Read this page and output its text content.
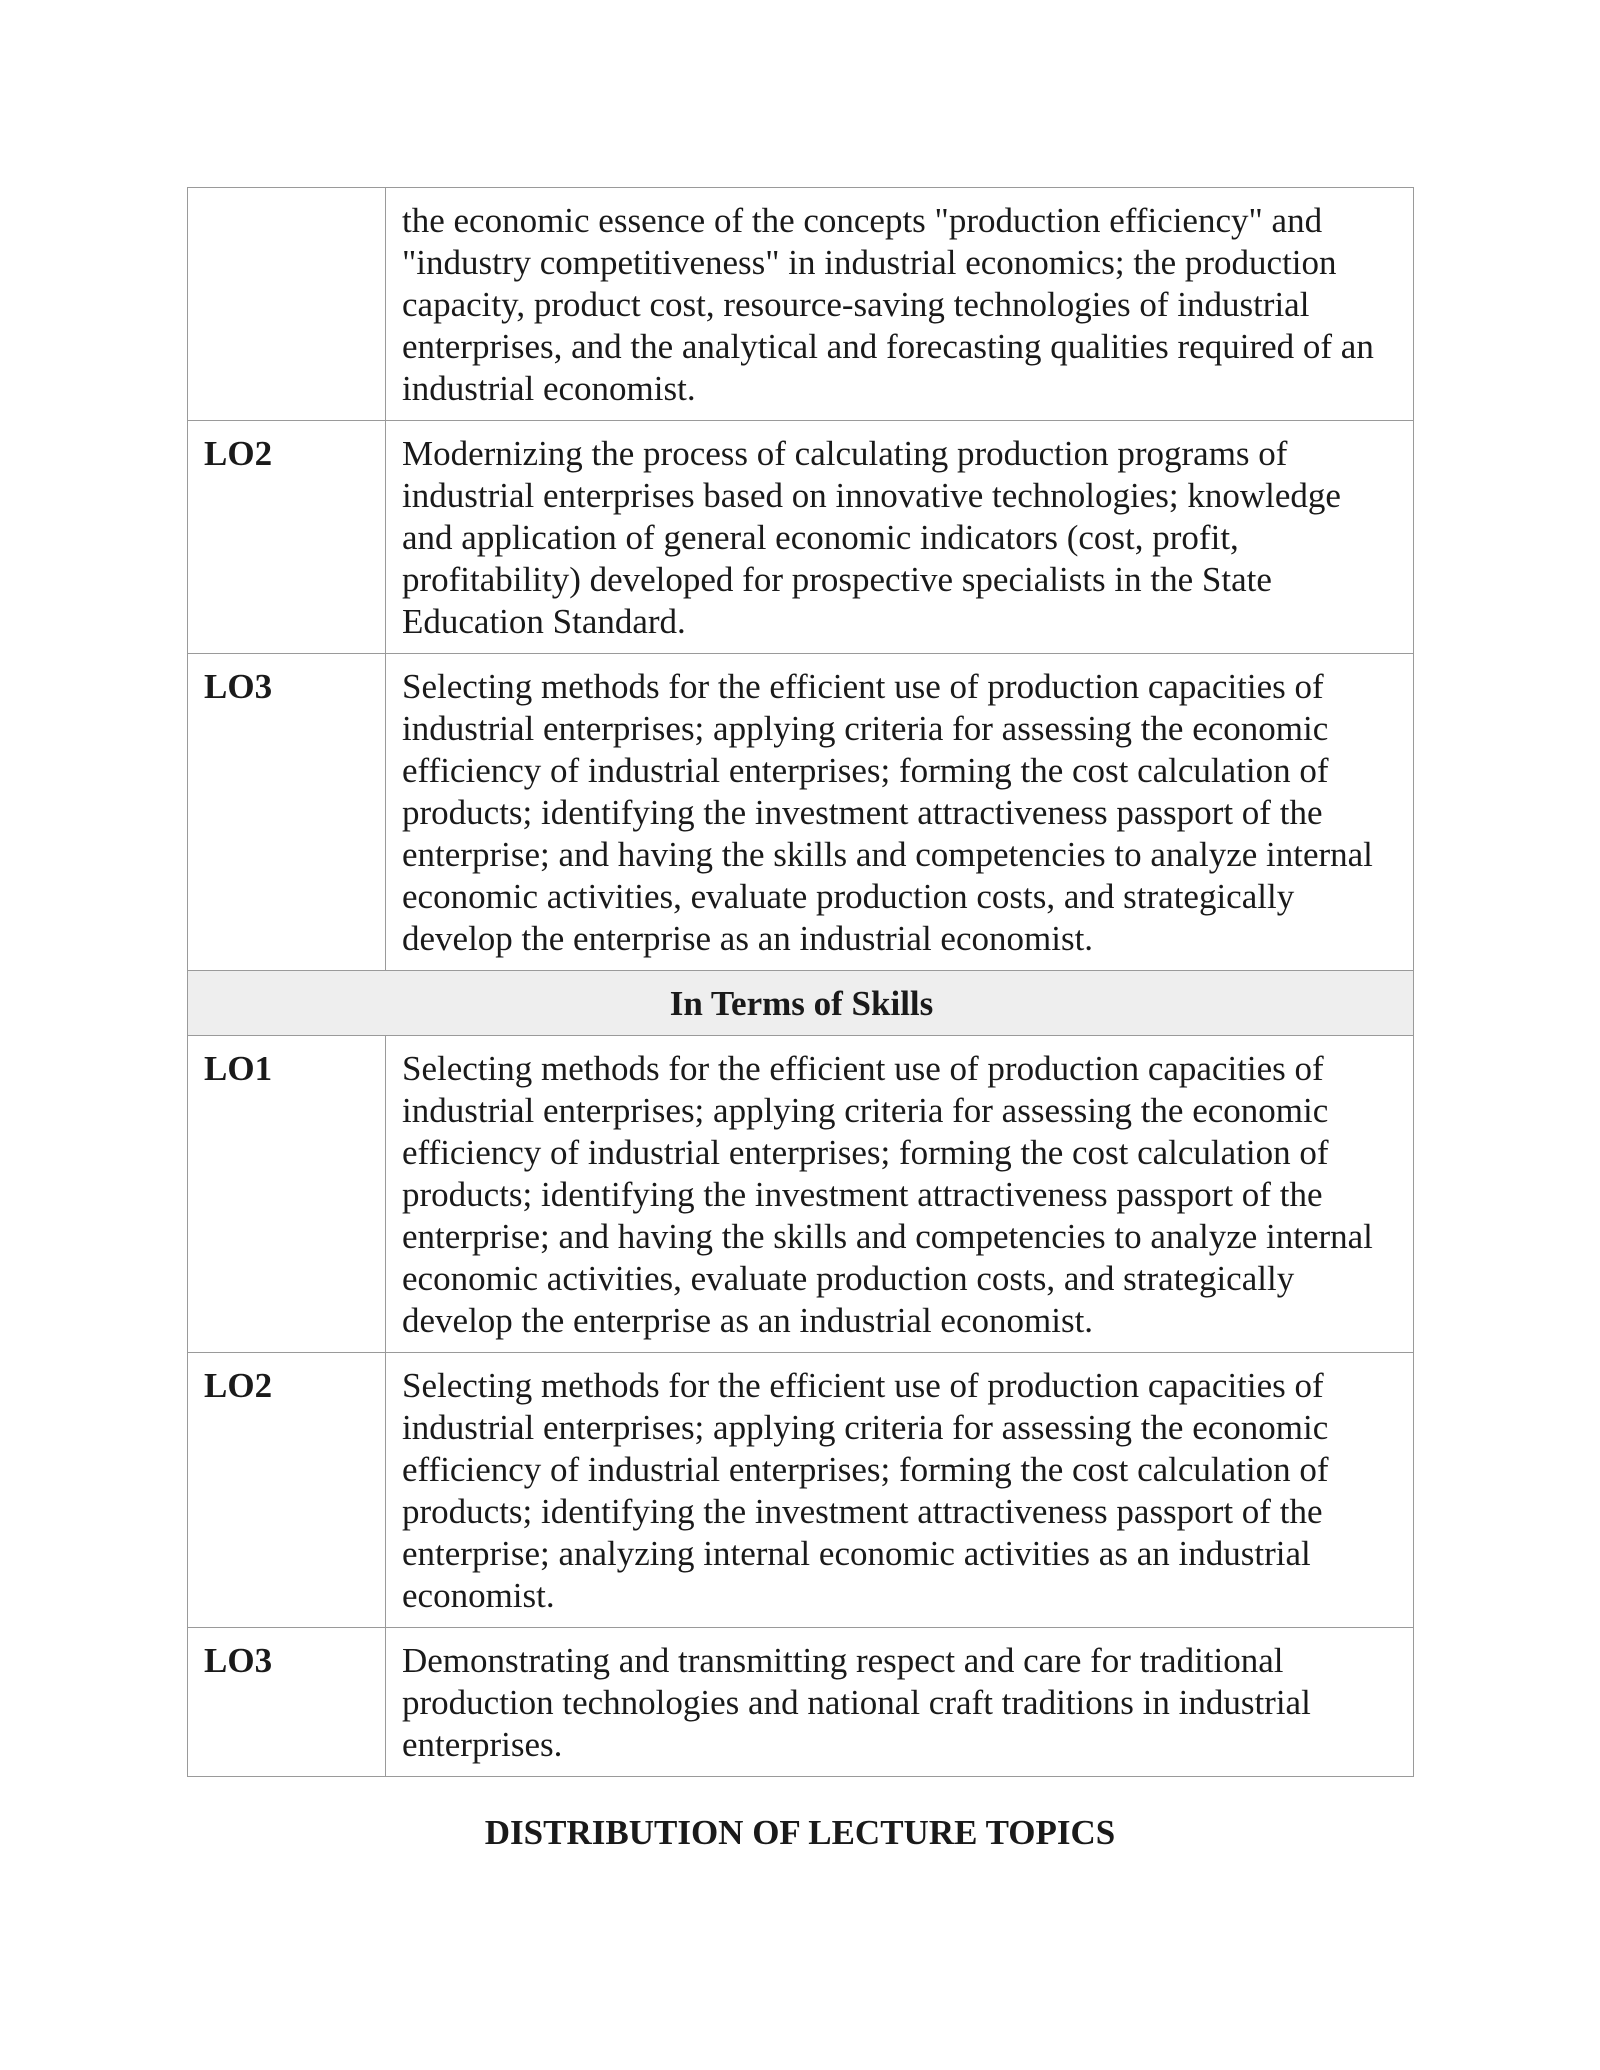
	the economic essence of the concepts "production efficiency" and "industry competitiveness" in industrial economics; the production capacity, product cost, resource-saving technologies of industrial enterprises, and the analytical and forecasting qualities required of an industrial economist.
LO2	Modernizing the process of calculating production programs of industrial enterprises based on innovative technologies; knowledge and application of general economic indicators (cost, profit, profitability) developed for prospective specialists in the State Education Standard.
LO3	Selecting methods for the efficient use of production capacities of industrial enterprises; applying criteria for assessing the economic efficiency of industrial enterprises; forming the cost calculation of products; identifying the investment attractiveness passport of the enterprise; and having the skills and competencies to analyze internal economic activities, evaluate production costs, and strategically develop the enterprise as an industrial economist.
In Terms of Skills	
LO1	Selecting methods for the efficient use of production capacities of industrial enterprises; applying criteria for assessing the economic efficiency of industrial enterprises; forming the cost calculation of products; identifying the investment attractiveness passport of the enterprise; and having the skills and competencies to analyze internal economic activities, evaluate production costs, and strategically develop the enterprise as an industrial economist.
LO2	Selecting methods for the efficient use of production capacities of industrial enterprises; applying criteria for assessing the economic efficiency of industrial enterprises; forming the cost calculation of products; identifying the investment attractiveness passport of the enterprise; analyzing internal economic activities as an industrial economist.
LO3	Demonstrating and transmitting respect and care for traditional production technologies and national craft traditions in industrial enterprises.
DISTRIBUTION OF LECTURE TOPICS
